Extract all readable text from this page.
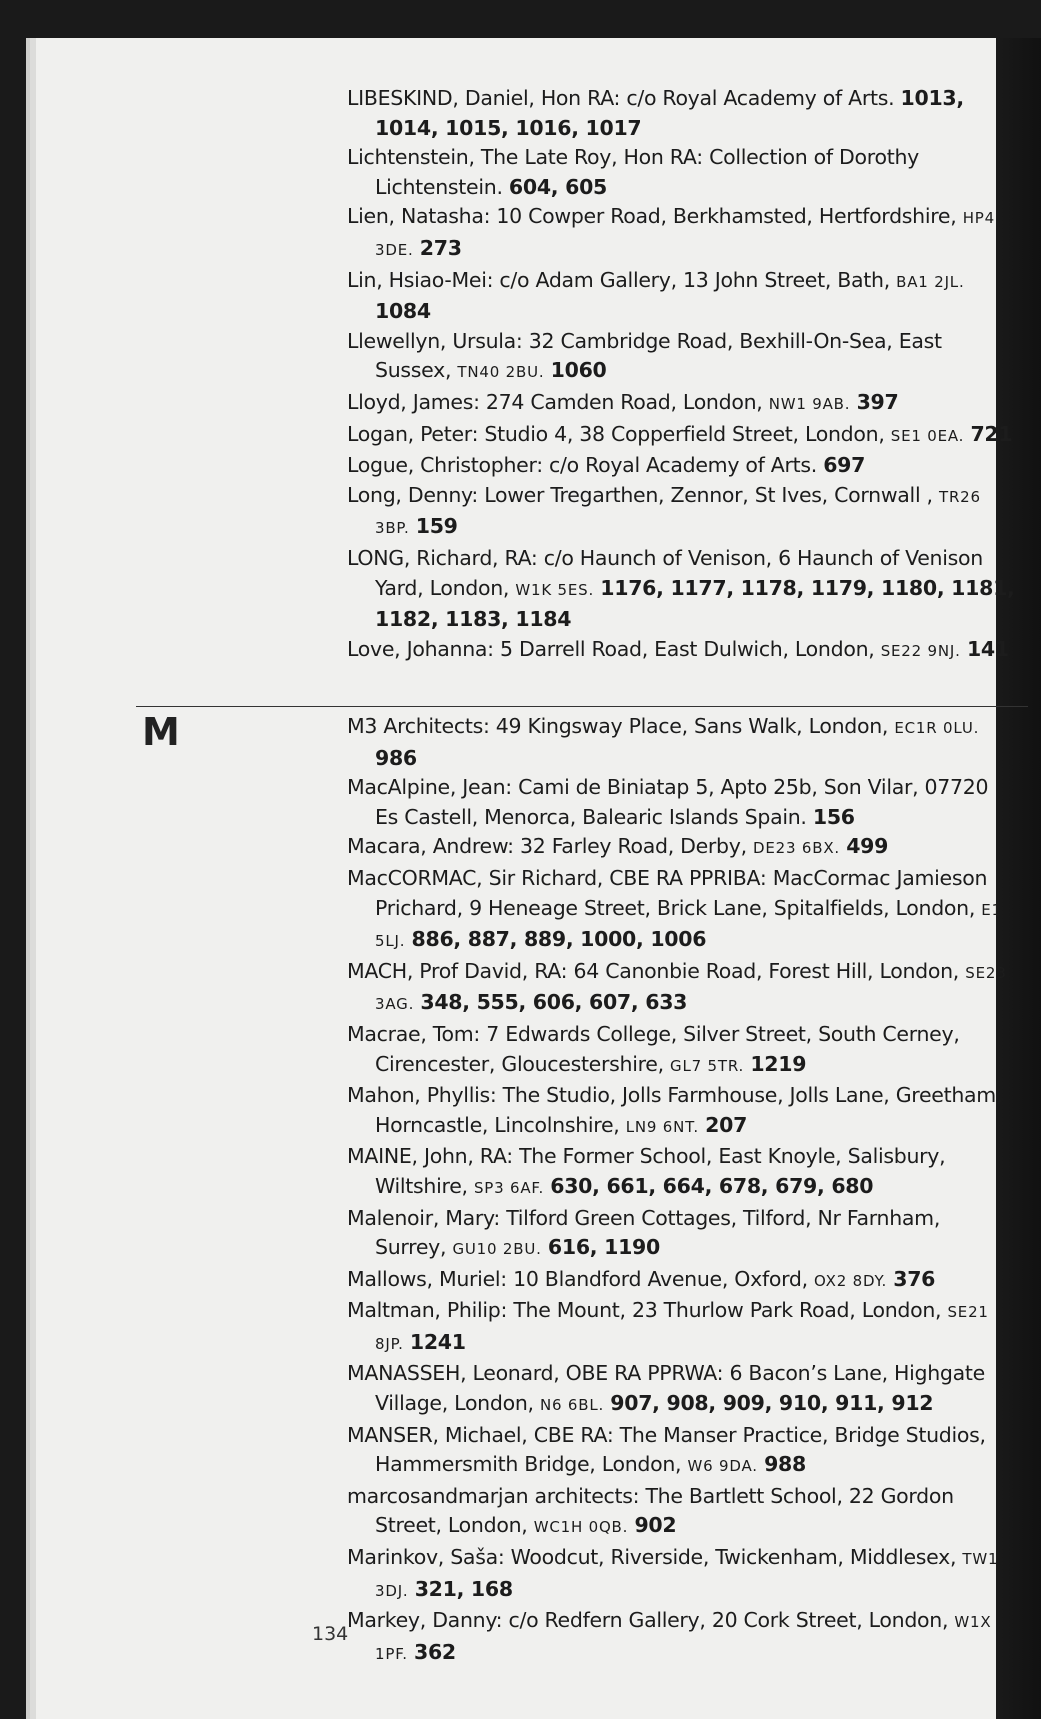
LIBESKIND, Daniel, Hon RA: c/o Royal Academy of Arts. 1013, 1014, 1015, 1016, 1017
Lichtenstein, The Late Roy, Hon RA: Collection of Dorothy Lichtenstein. 604, 605
Lien, Natasha: 10 Cowper Road, Berkhamsted, Hertfordshire, HP4 3DE. 273
Lin, Hsiao-Mei: c/o Adam Gallery, 13 John Street, Bath, BA1 2JL. 1084
Llewellyn, Ursula: 32 Cambridge Road, Bexhill-On-Sea, East Sussex, TN40 2BU. 1060
Lloyd, James: 274 Camden Road, London, NW1 9AB. 397
Logan, Peter: Studio 4, 38 Copperfield Street, London, SE1 0EA. 721
Logue, Christopher: c/o Royal Academy of Arts. 697
Long, Denny: Lower Tregarthen, Zennor, St Ives, Cornwall , TR26 3BP. 159
LONG, Richard, RA: c/o Haunch of Venison, 6 Haunch of Venison Yard, London, W1K 5ES. 1176, 1177, 1178, 1179, 1180, 1181, 1182, 1183, 1184
Love, Johanna: 5 Darrell Road, East Dulwich, London, SE22 9NJ. 141
M	M3 Architects: 49 Kingsway Place, Sans Walk, London, EC1R 0LU. 986
MacAlpine, Jean: Cami de Biniatap 5, Apto 25b, Son Vilar, 07720 Es Castell, Menorca, Balearic Islands Spain. 156
Macara, Andrew: 32 Farley Road, Derby, DE23 6BX. 499
MacCORMAC, Sir Richard, CBE RA PPRIBA: MacCormac Jamieson Prichard, 9 Heneage Street, Brick Lane, Spitalfields, London, E1 5LJ. 886, 887, 889, 1000, 1006
MACH, Prof David, RA: 64 Canonbie Road, Forest Hill, London, SE23 3AG. 348, 555, 606, 607, 633
Macrae, Tom: 7 Edwards College, Silver Street, South Cerney, Cirencester, Gloucestershire, GL7 5TR. 1219
Mahon, Phyllis: The Studio, Jolls Farmhouse, Jolls Lane, Greetham, Horncastle, Lincolnshire, LN9 6NT. 207
MAINE, John, RA: The Former School, East Knoyle, Salisbury, Wiltshire, SP3 6AF. 630, 661, 664, 678, 679, 680
Malenoir, Mary: Tilford Green Cottages, Tilford, Nr Farnham, Surrey, GU10 2BU. 616, 1190
Mallows, Muriel: 10 Blandford Avenue, Oxford, OX2 8DY. 376
Maltman, Philip: The Mount, 23 Thurlow Park Road, London, SE21 8JP. 1241
MANASSEH, Leonard, OBE RA PPRWA: 6 Bacon’s Lane, Highgate Village, London, N6 6BL. 907, 908, 909, 910, 911, 912
MANSER, Michael, CBE RA: The Manser Practice, Bridge Studios, Hammersmith Bridge, London, W6 9DA. 988
marcosandmarjan architects: The Bartlett School, 22 Gordon Street, London, WC1H 0QB. 902
Marinkov, Saša: Woodcut, Riverside, Twickenham, Middlesex, TW1 3DJ. 321, 168
Markey, Danny: c/o Redfern Gallery, 20 Cork Street, London, W1X 1PF. 362
134
